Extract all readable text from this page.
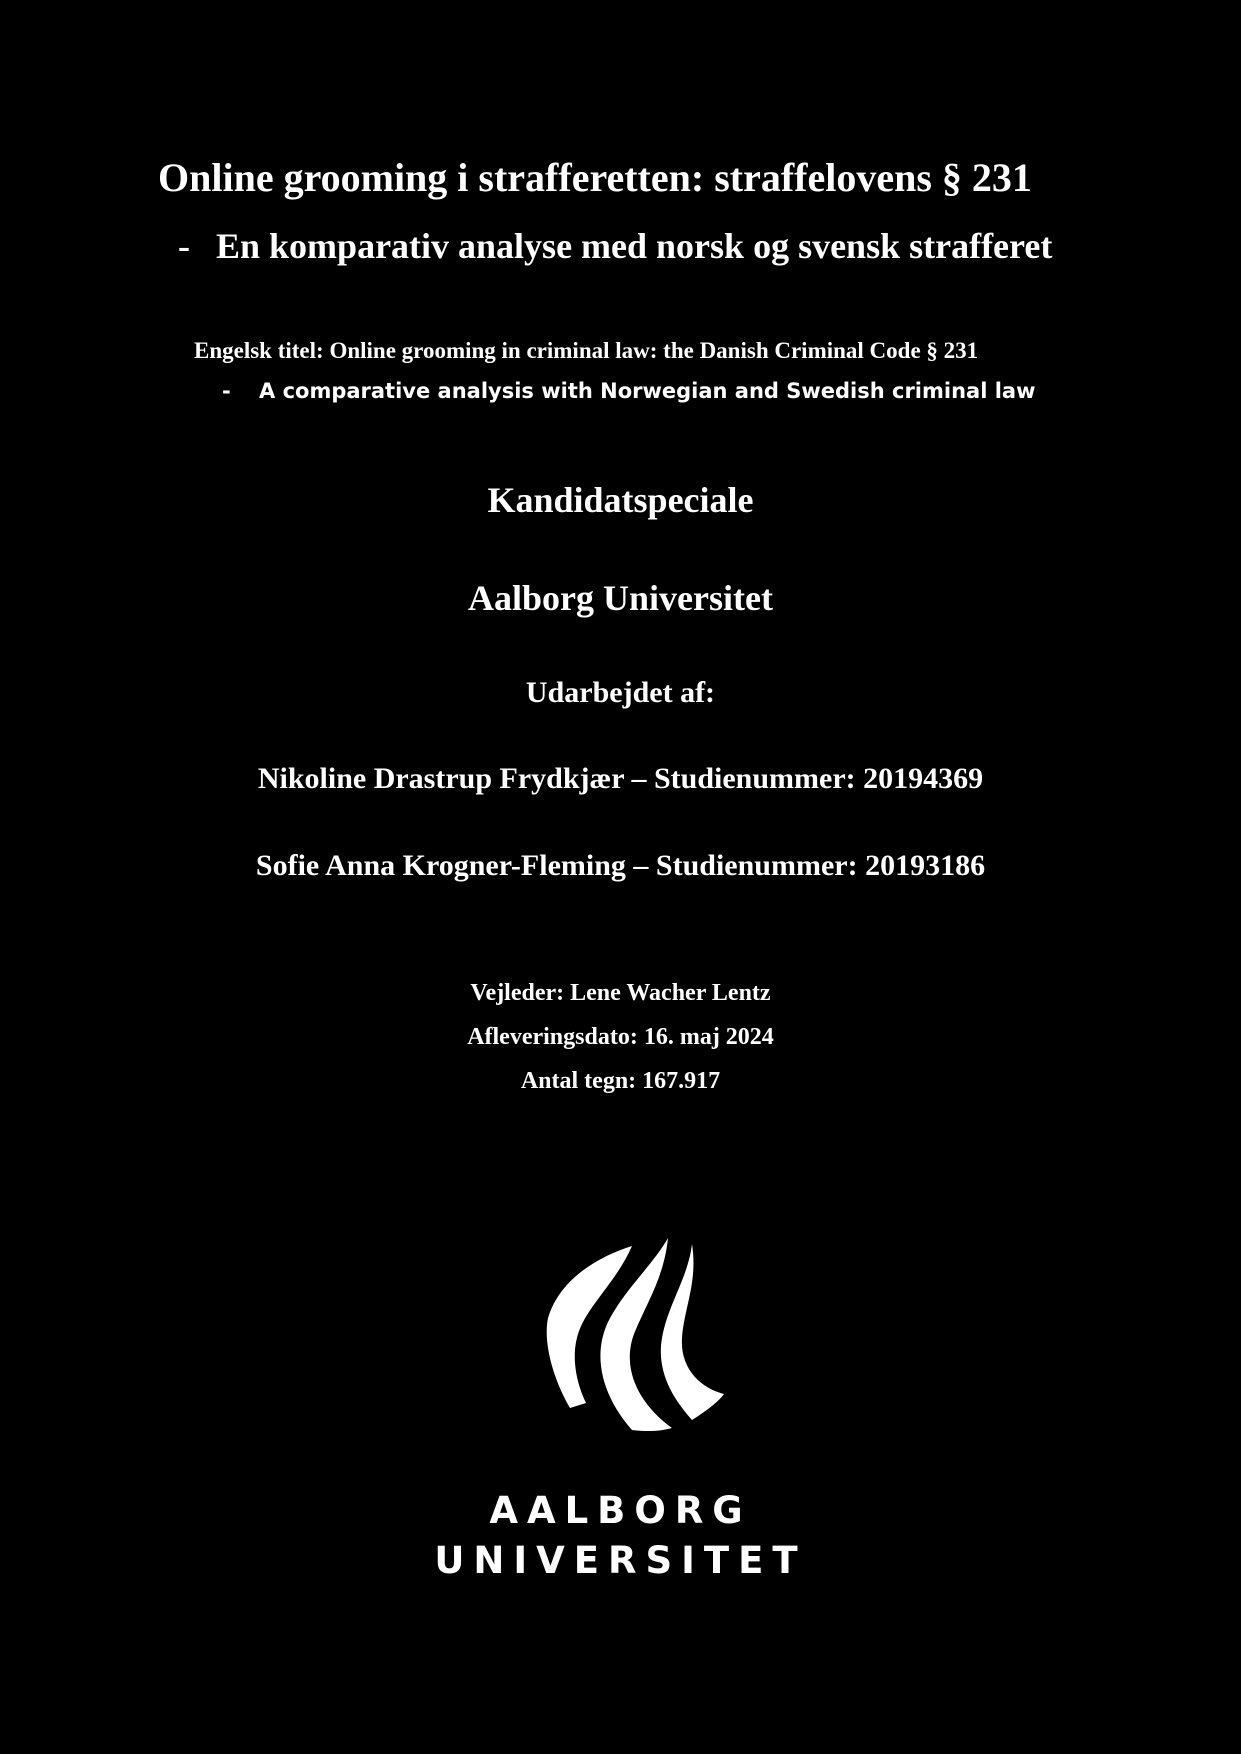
Online grooming i strafferetten: straffelovens § 231
- En komparativ analyse med norsk og svensk strafferet
Engelsk titel: Online grooming in criminal law: the Danish Criminal Code § 231
- A comparative analysis with Norwegian and Swedish criminal law
Kandidatspeciale
Aalborg Universitet
Udarbejdet af:
Nikoline Drastrup Frydkjær – Studienummer: 20194369
Sofie Anna Krogner-Fleming – Studienummer: 20193186
Vejleder: Lene Wacher Lentz
Afleveringsdato: 16. maj 2024
Antal tegn: 167.917
AALBORG
UNIVERSITET
